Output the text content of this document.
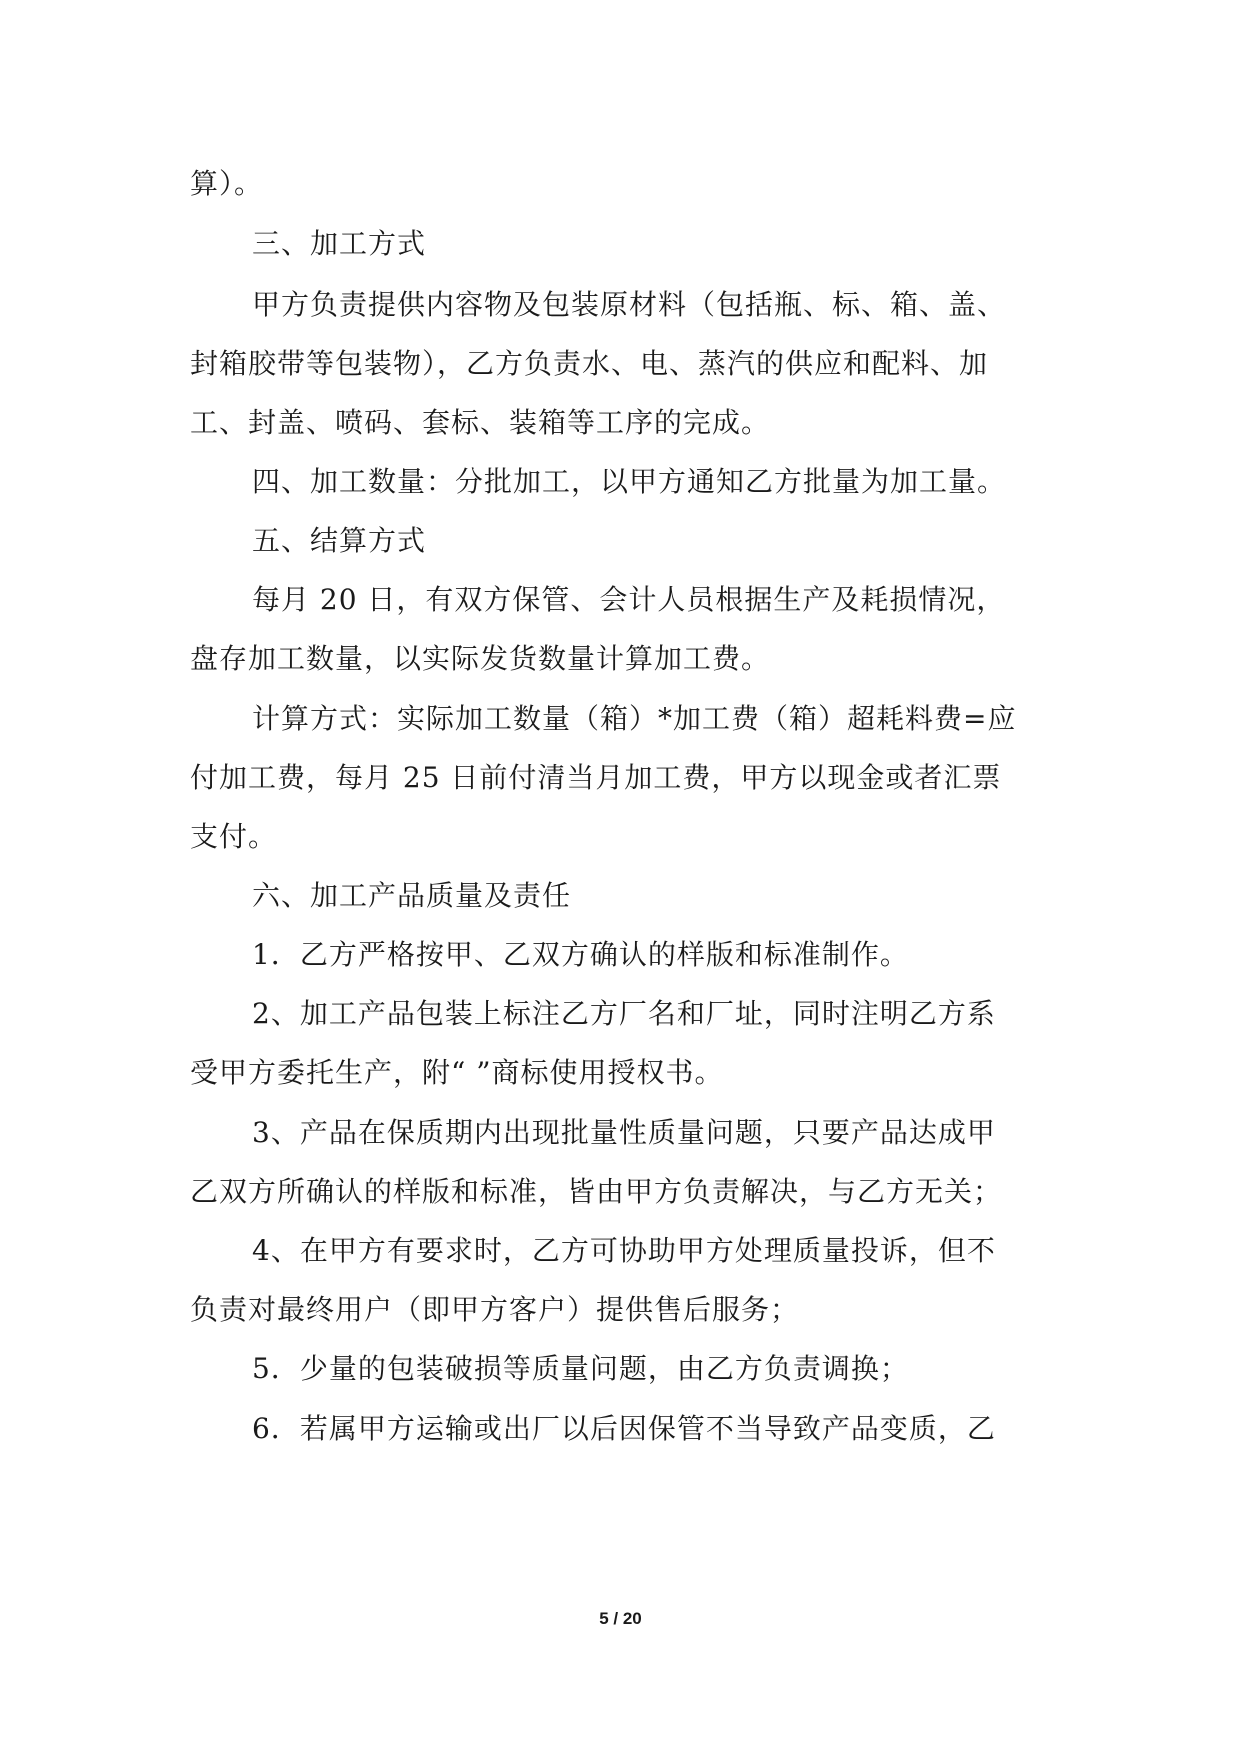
算）。
三、加工方式
甲方负责提供内容物及包装原材料（包括瓶、标、箱、盖、
封箱胶带等包装物），乙方负责水、电、蒸汽的供应和配料、加
工、封盖、喷码、套标、装箱等工序的完成。
四、加工数量：分批加工，以甲方通知乙方批量为加工量。
五、结算方式
每月 20 日，有双方保管、会计人员根据生产及耗损情况，
盘存加工数量，以实际发货数量计算加工费。
计算方式：实际加工数量（箱）*加工费（箱）超耗料费=应
付加工费，每月 25 日前付清当月加工费，甲方以现金或者汇票
支付。
六、加工产品质量及责任
1．乙方严格按甲、乙双方确认的样版和标准制作。
2、加工产品包装上标注乙方厂名和厂址，同时注明乙方系
受甲方委托生产，附“ ”商标使用授权书。
3、产品在保质期内出现批量性质量问题，只要产品达成甲
乙双方所确认的样版和标准，皆由甲方负责解决，与乙方无关；
4、在甲方有要求时，乙方可协助甲方处理质量投诉，但不
负责对最终用户（即甲方客户）提供售后服务；
5．少量的包装破损等质量问题，由乙方负责调换；
6．若属甲方运输或出厂以后因保管不当导致产品变质，乙
5 / 20
